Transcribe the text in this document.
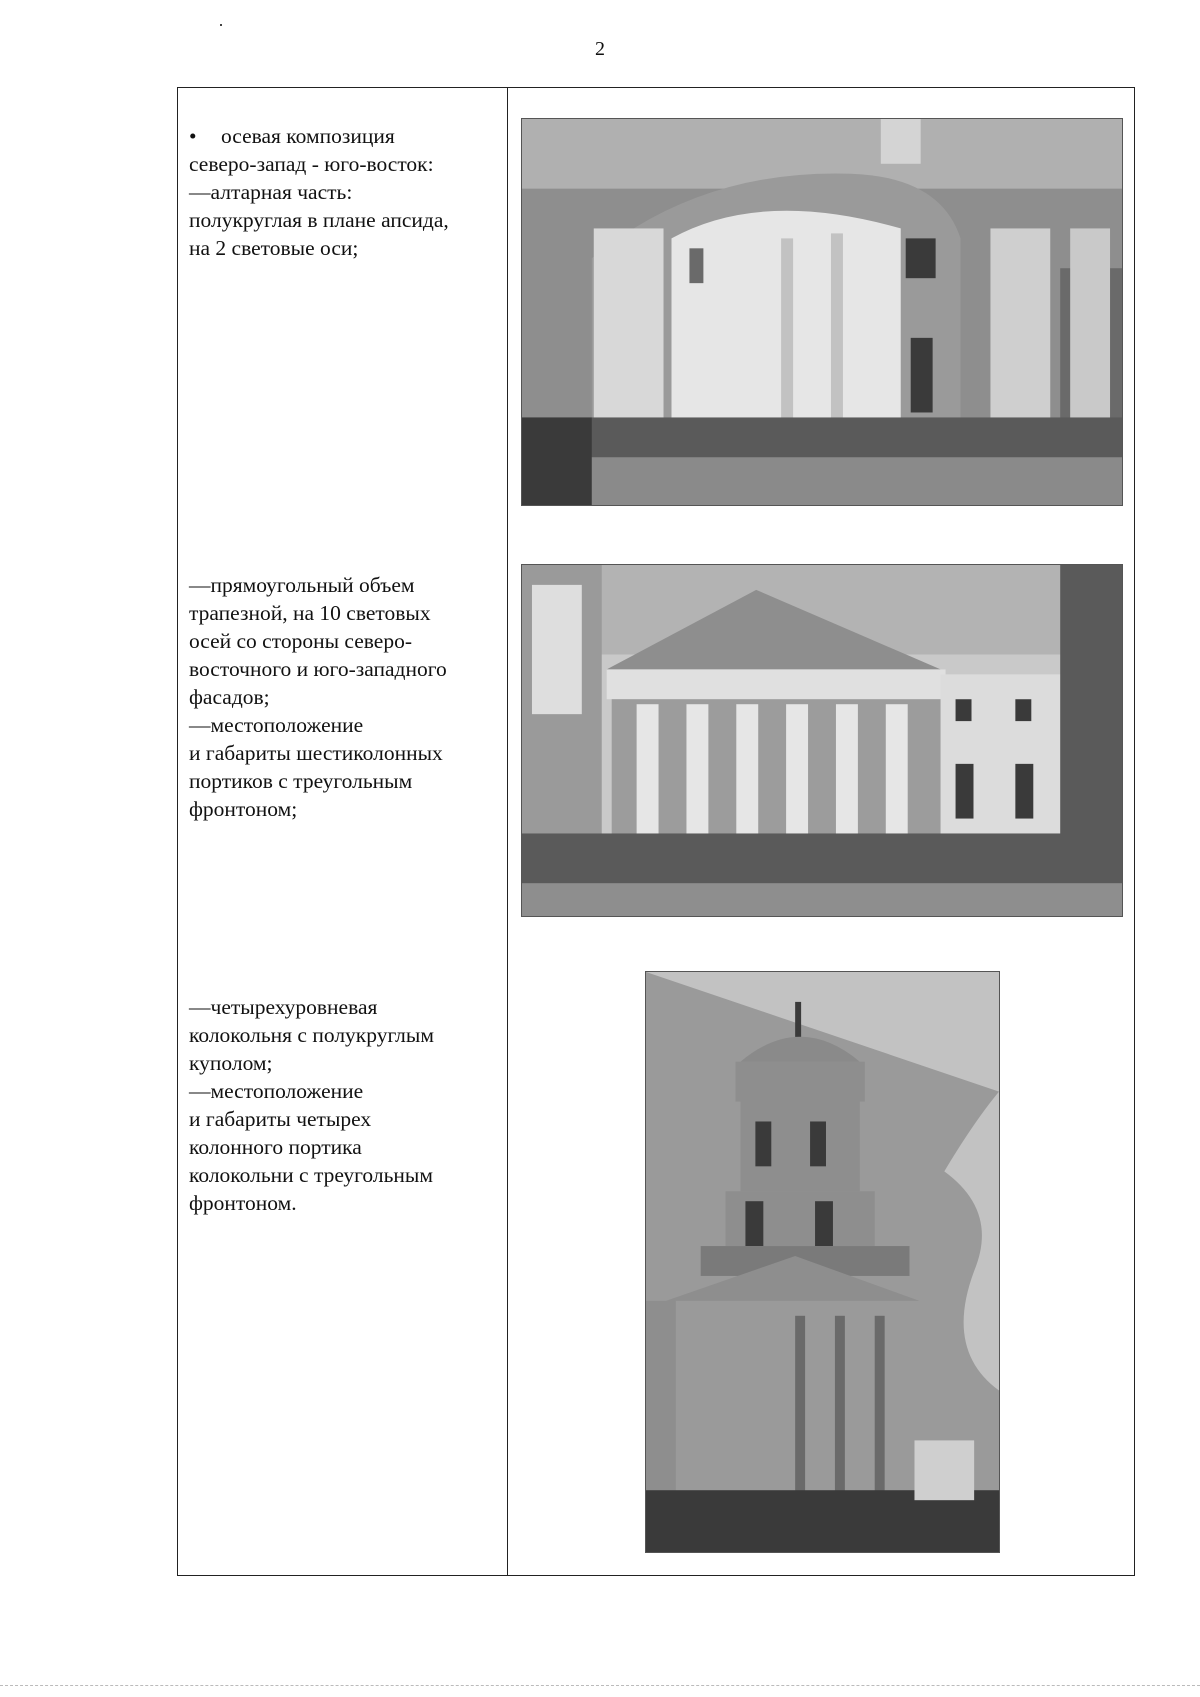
2

• осевая композиция

северо-запад - юго-восток:

— алтарная часть:

полукруглая в плане апсида,

на 2 световые оси;

— прямоугольный объем

трапезной, на 10 световых

осей со стороны северо-

восточного и юго-западного

фасадов;

— местоположение

и габариты шестиколонных

портиков с треугольным

фронтоном;

— четырехуровневая

колокольня с полукруглым

куполом;

— местоположение

и габариты четырех

колонного портика

колокольни с треугольным

фронтоном.
